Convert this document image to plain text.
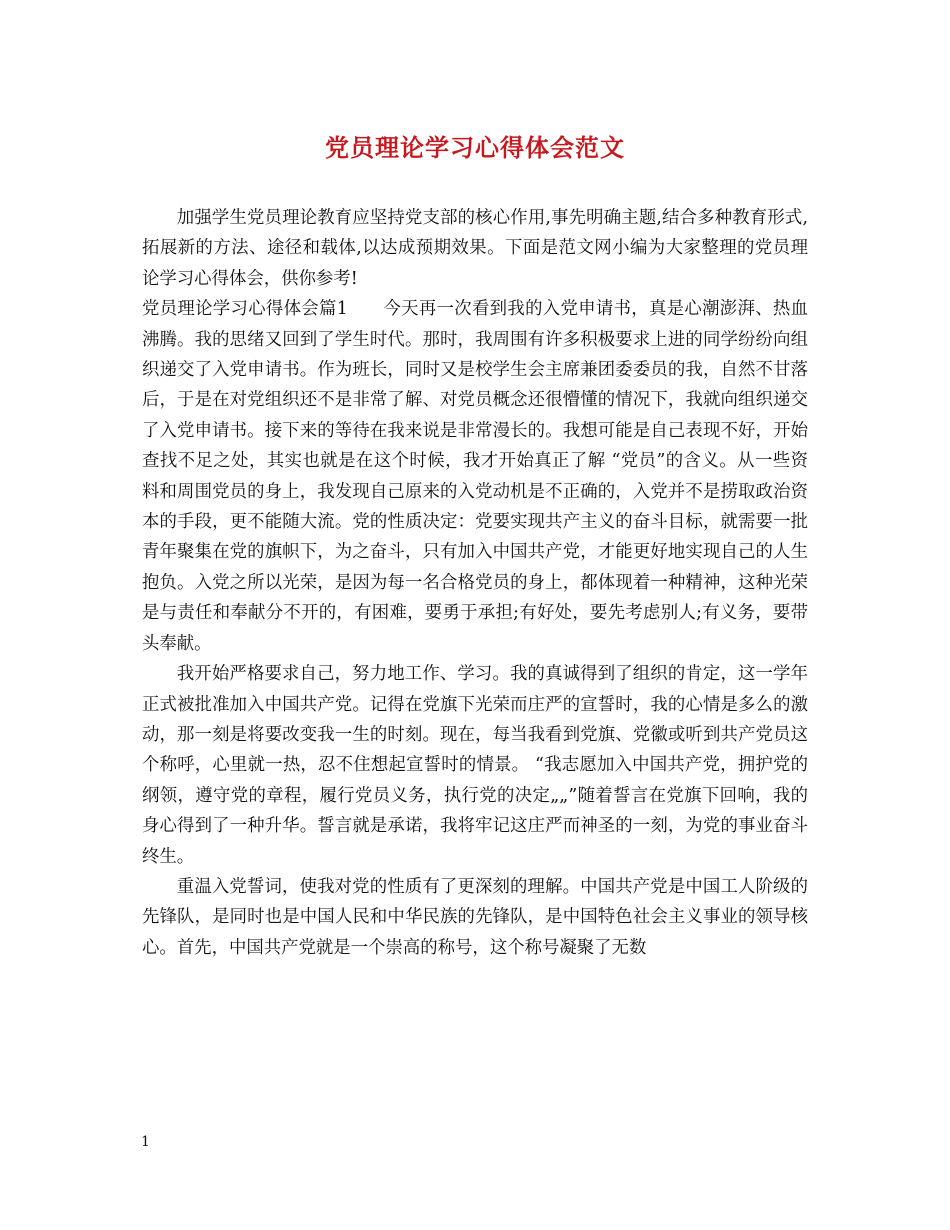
党员理论学习心得体会范文

加强学生党员理论教育应坚持党支部的核心作用,事先明确主题,结合多种教育形式,拓展新的方法、途径和载体,以达成预期效果。下面是范文网小编为大家整理的党员理论学习心得体会，供你参考!

党员理论学习心得体会篇1　　今天再一次看到我的入党申请书，真是心潮澎湃、热血沸腾。我的思绪又回到了学生时代。那时，我周围有许多积极要求上进的同学纷纷向组织递交了入党申请书。作为班长，同时又是校学生会主席兼团委委员的我，自然不甘落后，于是在对党组织还不是非常了解、对党员概念还很懵懂的情况下，我就向组织递交了入党申请书。接下来的等待在我来说是非常漫长的。我想可能是自己表现不好，开始查找不足之处，其实也就是在这个时候，我才开始真正了解 “党员”的含义。从一些资料和周围党员的身上，我发现自己原来的入党动机是不正确的，入党并不是捞取政治资本的手段，更不能随大流。党的性质决定：党要实现共产主义的奋斗目标，就需要一批青年聚集在党的旗帜下，为之奋斗，只有加入中国共产党，才能更好地实现自己的人生抱负。入党之所以光荣，是因为每一名合格党员的身上，都体现着一种精神，这种光荣是与责任和奉献分不开的，有困难，要勇于承担;有好处，要先考虑别人;有义务，要带头奉献。

我开始严格要求自己，努力地工作、学习。我的真诚得到了组织的肯定，这一学年正式被批准加入中国共产党。记得在党旗下光荣而庄严的宣誓时，我的心情是多么的激动，那一刻是将要改变我一生的时刻。现在，每当我看到党旗、党徽或听到共产党员这个称呼，心里就一热，忍不住想起宣誓时的情景。 “我志愿加入中国共产党，拥护党的纲领，遵守党的章程，履行党员义务，执行党的决定„„”随着誓言在党旗下回响，我的身心得到了一种升华。誓言就是承诺，我将牢记这庄严而神圣的一刻，为党的事业奋斗终生。

重温入党誓词，使我对党的性质有了更深刻的理解。中国共产党是中国工人阶级的先锋队，是同时也是中国人民和中华民族的先锋队，是中国特色社会主义事业的领导核心。首先，中国共产党就是一个崇高的称号，这个称号凝聚了无数

1
